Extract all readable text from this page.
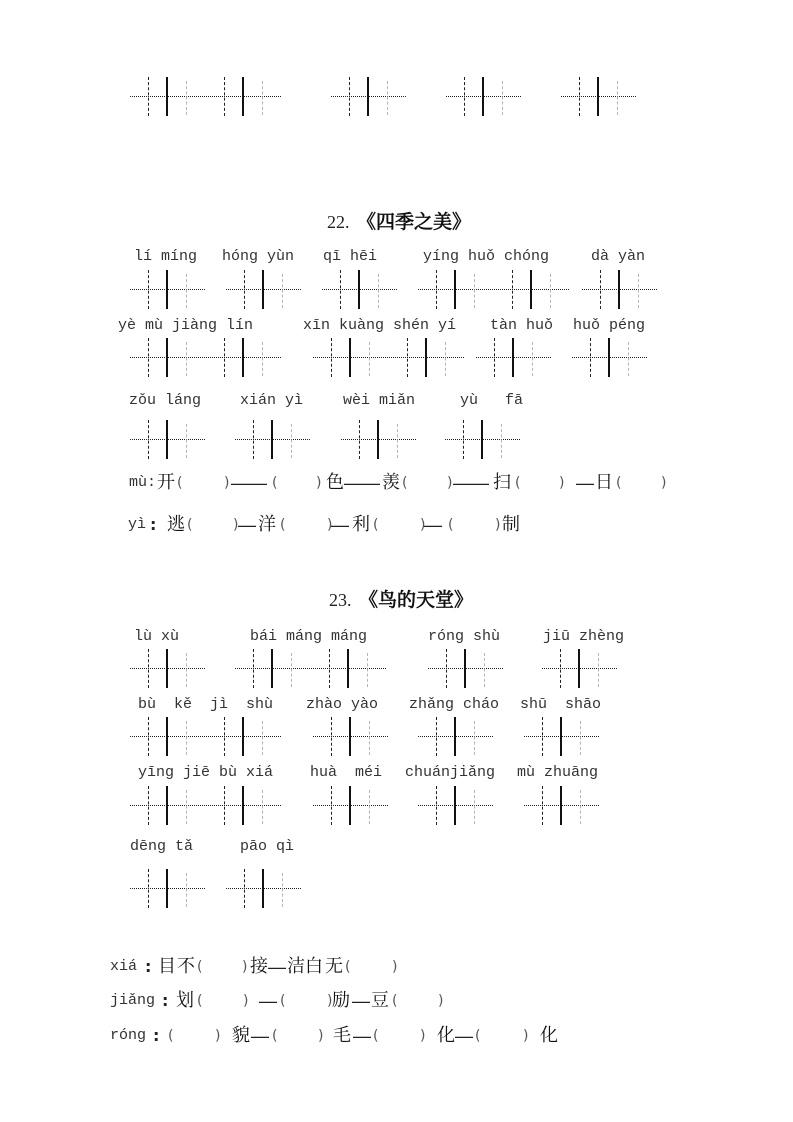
22.

《四季之美》

lí míng hóng yùn qī hēi	yíng huǒ chóng	dà yàn
yè mù jiàng lín	xīn kuàng shén yí tàn huǒ huǒ péng
zǒu láng	xián yì	wèi miǎn	yù   fā
mù: 开 (	) —— (	) 色 —— 羡 (	) —— 扫 (	) — 日 (	)
yì : 逃 (	) — 洋 (	)
— 利 (	)
— (	) 制

23.

《鸟的天堂》

lù xù	bái máng máng	róng shù	jiū zhèng
bù  kě  jì  shù zhào yào zhǎng cháo shū  shāo
yīng jiē bù xiá huà  méi chuánjiǎng mù zhuāng
dēng tǎ	pāo qì
xiá : 目 不 (	) 接 — 洁 白 无 (	)
jiǎng : 划 (	) — (	) 励 — 豆 (	)
róng : (	) 貌 — (	) 毛 — (	) 化 — (	) 化
